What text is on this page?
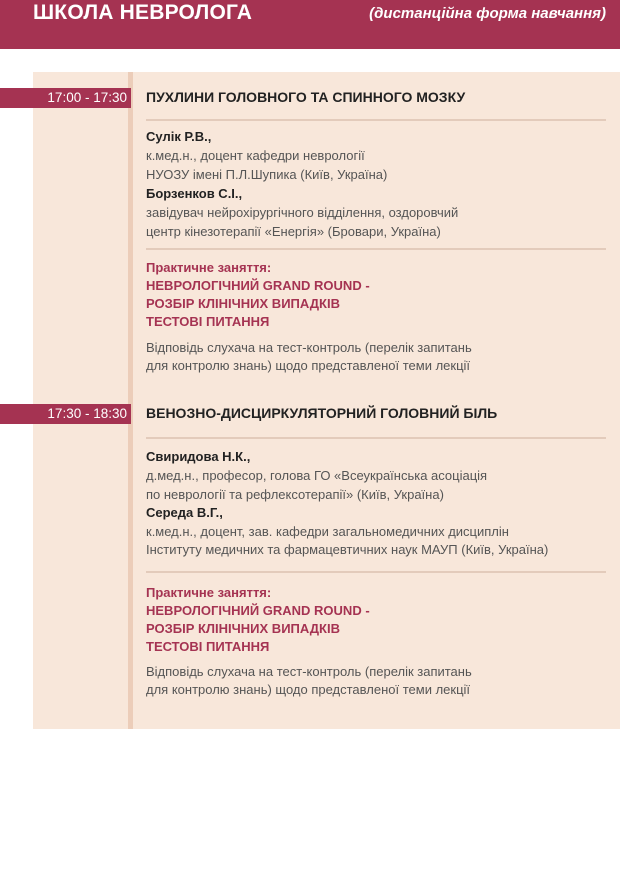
ШКОЛА НЕВРОЛОГА	(дистанційна форма навчання)
17:00 - 17:30 ПУХЛИНИ ГОЛОВНОГО ТА СПИННОГО МОЗКУ
Сулік Р.В.,
к.мед.н., доцент кафедри неврології
НУОЗУ імені П.Л.Шупика (Київ, Україна)
Борзенков С.І.,
завідувач нейрохірургічного відділення, оздоровчий
центр кінезотерапії «Енергія» (Бровари, Україна)
Практичне заняття:
НЕВРОЛОГІЧНИЙ GRAND ROUND -
РОЗБІР КЛІНІЧНИХ ВИПАДКІВ
ТЕСТОВІ ПИТАННЯ
Відповідь слухача на тест-контроль (перелік запитань
для контролю знань) щодо представленої теми лекції
17:30 - 18:30 ВЕНОЗНО-ДИСЦИРКУЛЯТОРНИЙ ГОЛОВНИЙ БІЛЬ
Свиридова Н.К.,
д.мед.н., професор, голова ГО «Всеукраїнська асоціація
по неврології та рефлексотерапії» (Київ, Україна)
Середа В.Г.,
к.мед.н., доцент, зав. кафедри загальномедичних дисциплін
Інституту медичних та фармацевтичних наук МАУП (Київ, Україна)
Практичне заняття:
НЕВРОЛОГІЧНИЙ GRAND ROUND -
РОЗБІР КЛІНІЧНИХ ВИПАДКІВ
ТЕСТОВІ ПИТАННЯ
Відповідь слухача на тест-контроль (перелік запитань
для контролю знань) щодо представленої теми лекції
